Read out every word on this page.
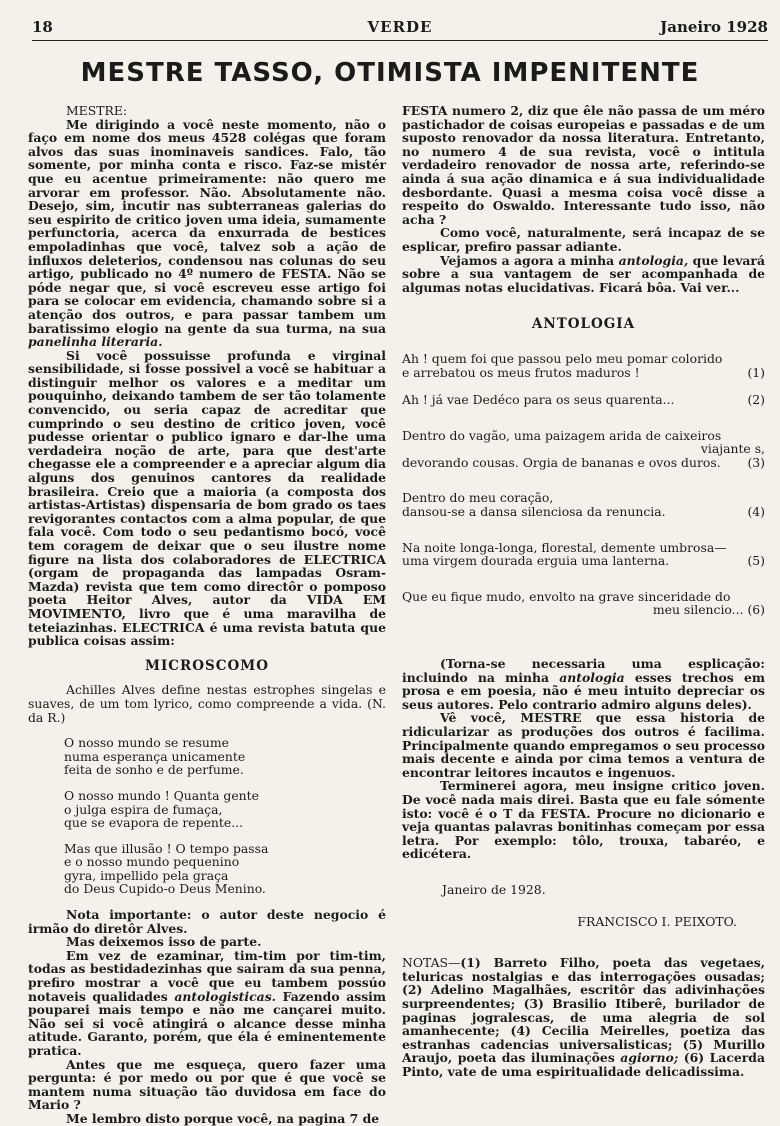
18	VERDE	Janeiro 1928
MESTRE TASSO, OTIMISTA IMPENITENTE

MESTRE:

Me dirigindo a você neste momento, não o faço em nome dos meus 4528 colégas que foram alvos das suas inominaveis sandices. Falo, tão somente, por minha conta e risco. Faz-se mistér que eu acentue primeiramente: não quero me arvorar em professor. Não. Absolutamente não. Desejo, sim, incutir nas subterraneas galerias do seu espirito de critico joven uma ideia, sumamente perfunctoria, acerca da enxurrada de bestices empoladinhas que você, talvez sob a ação de influxos deleterios, condensou nas colunas do seu artigo, publicado no 4º numero de FESTA. Não se póde negar que, si você escreveu esse artigo foi para se colocar em evidencia, chamando sobre si a atenção dos outros, e para passar tambem um baratissimo elogio na gente da sua turma, na sua panelinha literaria.

Si você possuisse profunda e virginal sensibilidade, si fosse possivel a você se habituar a distinguir melhor os valores e a meditar um pouquinho, deixando tambem de ser tão tolamente convencido, ou seria capaz de acreditar que cumprindo o seu destino de critico joven, você pudesse orientar o publico ignaro e dar-lhe uma verdadeira noção de arte, para que dest'arte chegasse ele a compreender e a apreciar algum dia alguns dos genuinos cantores da realidade brasileira. Creio que a maioria (a composta dos artistas-Artistas) dispensaria de bom grado os taes revigorantes contactos com a alma popular, de que fala você. Com todo o seu pedantismo bocó, você tem coragem de deixar que o seu ilustre nome figure na lista dos colaboradores de ELECTRICA (orgam de propaganda das lampadas Osram-Mazda) revista que tem como directôr o pomposo poeta Heitor Alves, autor da VIDA EM MOVIMENTO, livro que é uma maravilha de teteiazinhas. ELECTRICA é uma revista batuta que publica coisas assim:

MICROSCOMO

Achilles Alves define nestas estrophes singelas e suaves, de um tom lyrico, como compreende a vida. (N. da R.)

O nosso mundo se resume
numa esperança unicamente
feita de sonho e de perfume.
O nosso mundo ! Quanta gente
o julga espira de fumaça,
que se evapora de repente...
Mas que illusão ! O tempo passa
e o nosso mundo pequenino
gyra, impellido pela graça
do Deus Cupido-o Deus Menino.

Nota importante: o autor deste negocio é irmão do diretôr Alves.

Mas deixemos isso de parte.

Em vez de ezaminar, tim-tim por tim-tim, todas as bestidadezinhas que sairam da sua penna, prefiro mostrar a você que eu tambem possúo notaveis qualidades antologisticas. Fazendo assim pouparei mais tempo e não me cançarei muito. Não sei si você atingirá o alcance desse minha atitude. Garanto, porém, que éla é eminentemente pratica.

Antes que me esqueça, quero fazer uma pergunta: é por medo ou por que é que você se mantem numa situação tão duvidosa em face do Mario ?

Me lembro disto porque você, na pagina 7 de

FESTA numero 2, diz que êle não passa de um méro pastichador de coisas europeias e passadas e de um suposto renovador da nossa literatura. Entretanto, no numero 4 de sua revista, você o intitula verdadeiro renovador de nossa arte, referindo-se ainda á sua ação dinamica e á sua individualidade desbordante. Quasi a mesma coisa você disse a respeito do Oswaldo. Interessante tudo isso, não acha ?

Como você, naturalmente, será incapaz de se esplicar, prefiro passar adiante.

Vejamos a agora a minha antologia, que levará sobre a sua vantagem de ser acompanhada de algumas notas elucidativas. Ficará bôa. Vai ver...

ANTOLOGIA
Ah ! quem foi que passou pelo meu pomar colorido
e arrebatou os meus frutos maduros !	(1)
Ah ! já vae Dedéco para os seus quarenta...	(2)
Dentro do vagão, uma paizagem arida de caixeiros
viajante s,
devorando cousas. Orgia de bananas e ovos duros. (3)
Dentro do meu coração,
dansou-se a dansa silenciosa da renuncia.	(4)
Na noite longa-longa, florestal, demente umbrosa—
uma virgem dourada erguia uma lanterna.	(5)
Que eu fique mudo, envolto na grave sinceridade do
meu silencio... (6)

(Torna-se necessaria uma esplicação: incluindo na minha antologia esses trechos em prosa e em poesia, não é meu intuito depreciar os seus autores. Pelo contrario admiro alguns deles).

Vê você, MESTRE que essa historia de ridicularizar as produções dos outros é facilima. Principalmente quando empregamos o seu processo mais decente e ainda por cima temos a ventura de encontrar leitores incautos e ingenuos.

Terminerei agora, meu insigne critico joven. De você nada mais direi. Basta que eu fale sómente isto: você é o T da FESTA. Procure no dicionario e veja quantas palavras bonitinhas começam por essa letra. Por exemplo: tôlo, trouxa, tabaréo, e edicétera.

Janeiro de 1928.

FRANCISCO I. PEIXOTO.

NOTAS—(1) Barreto Filho, poeta das vegetaes, teluricas nostalgias e das interrogações ousadas; (2) Adelino Magalhães, escritôr das adivinhações surpreendentes; (3) Brasilio Itiberê, burilador de paginas jogralescas, de uma alegria de sol amanhecente; (4) Cecilia Meirelles, poetiza das estranhas cadencias universalisticas; (5) Murillo Araujo, poeta das iluminações agiorno; (6) Lacerda Pinto, vate de uma espiritualidade delicadissima.
